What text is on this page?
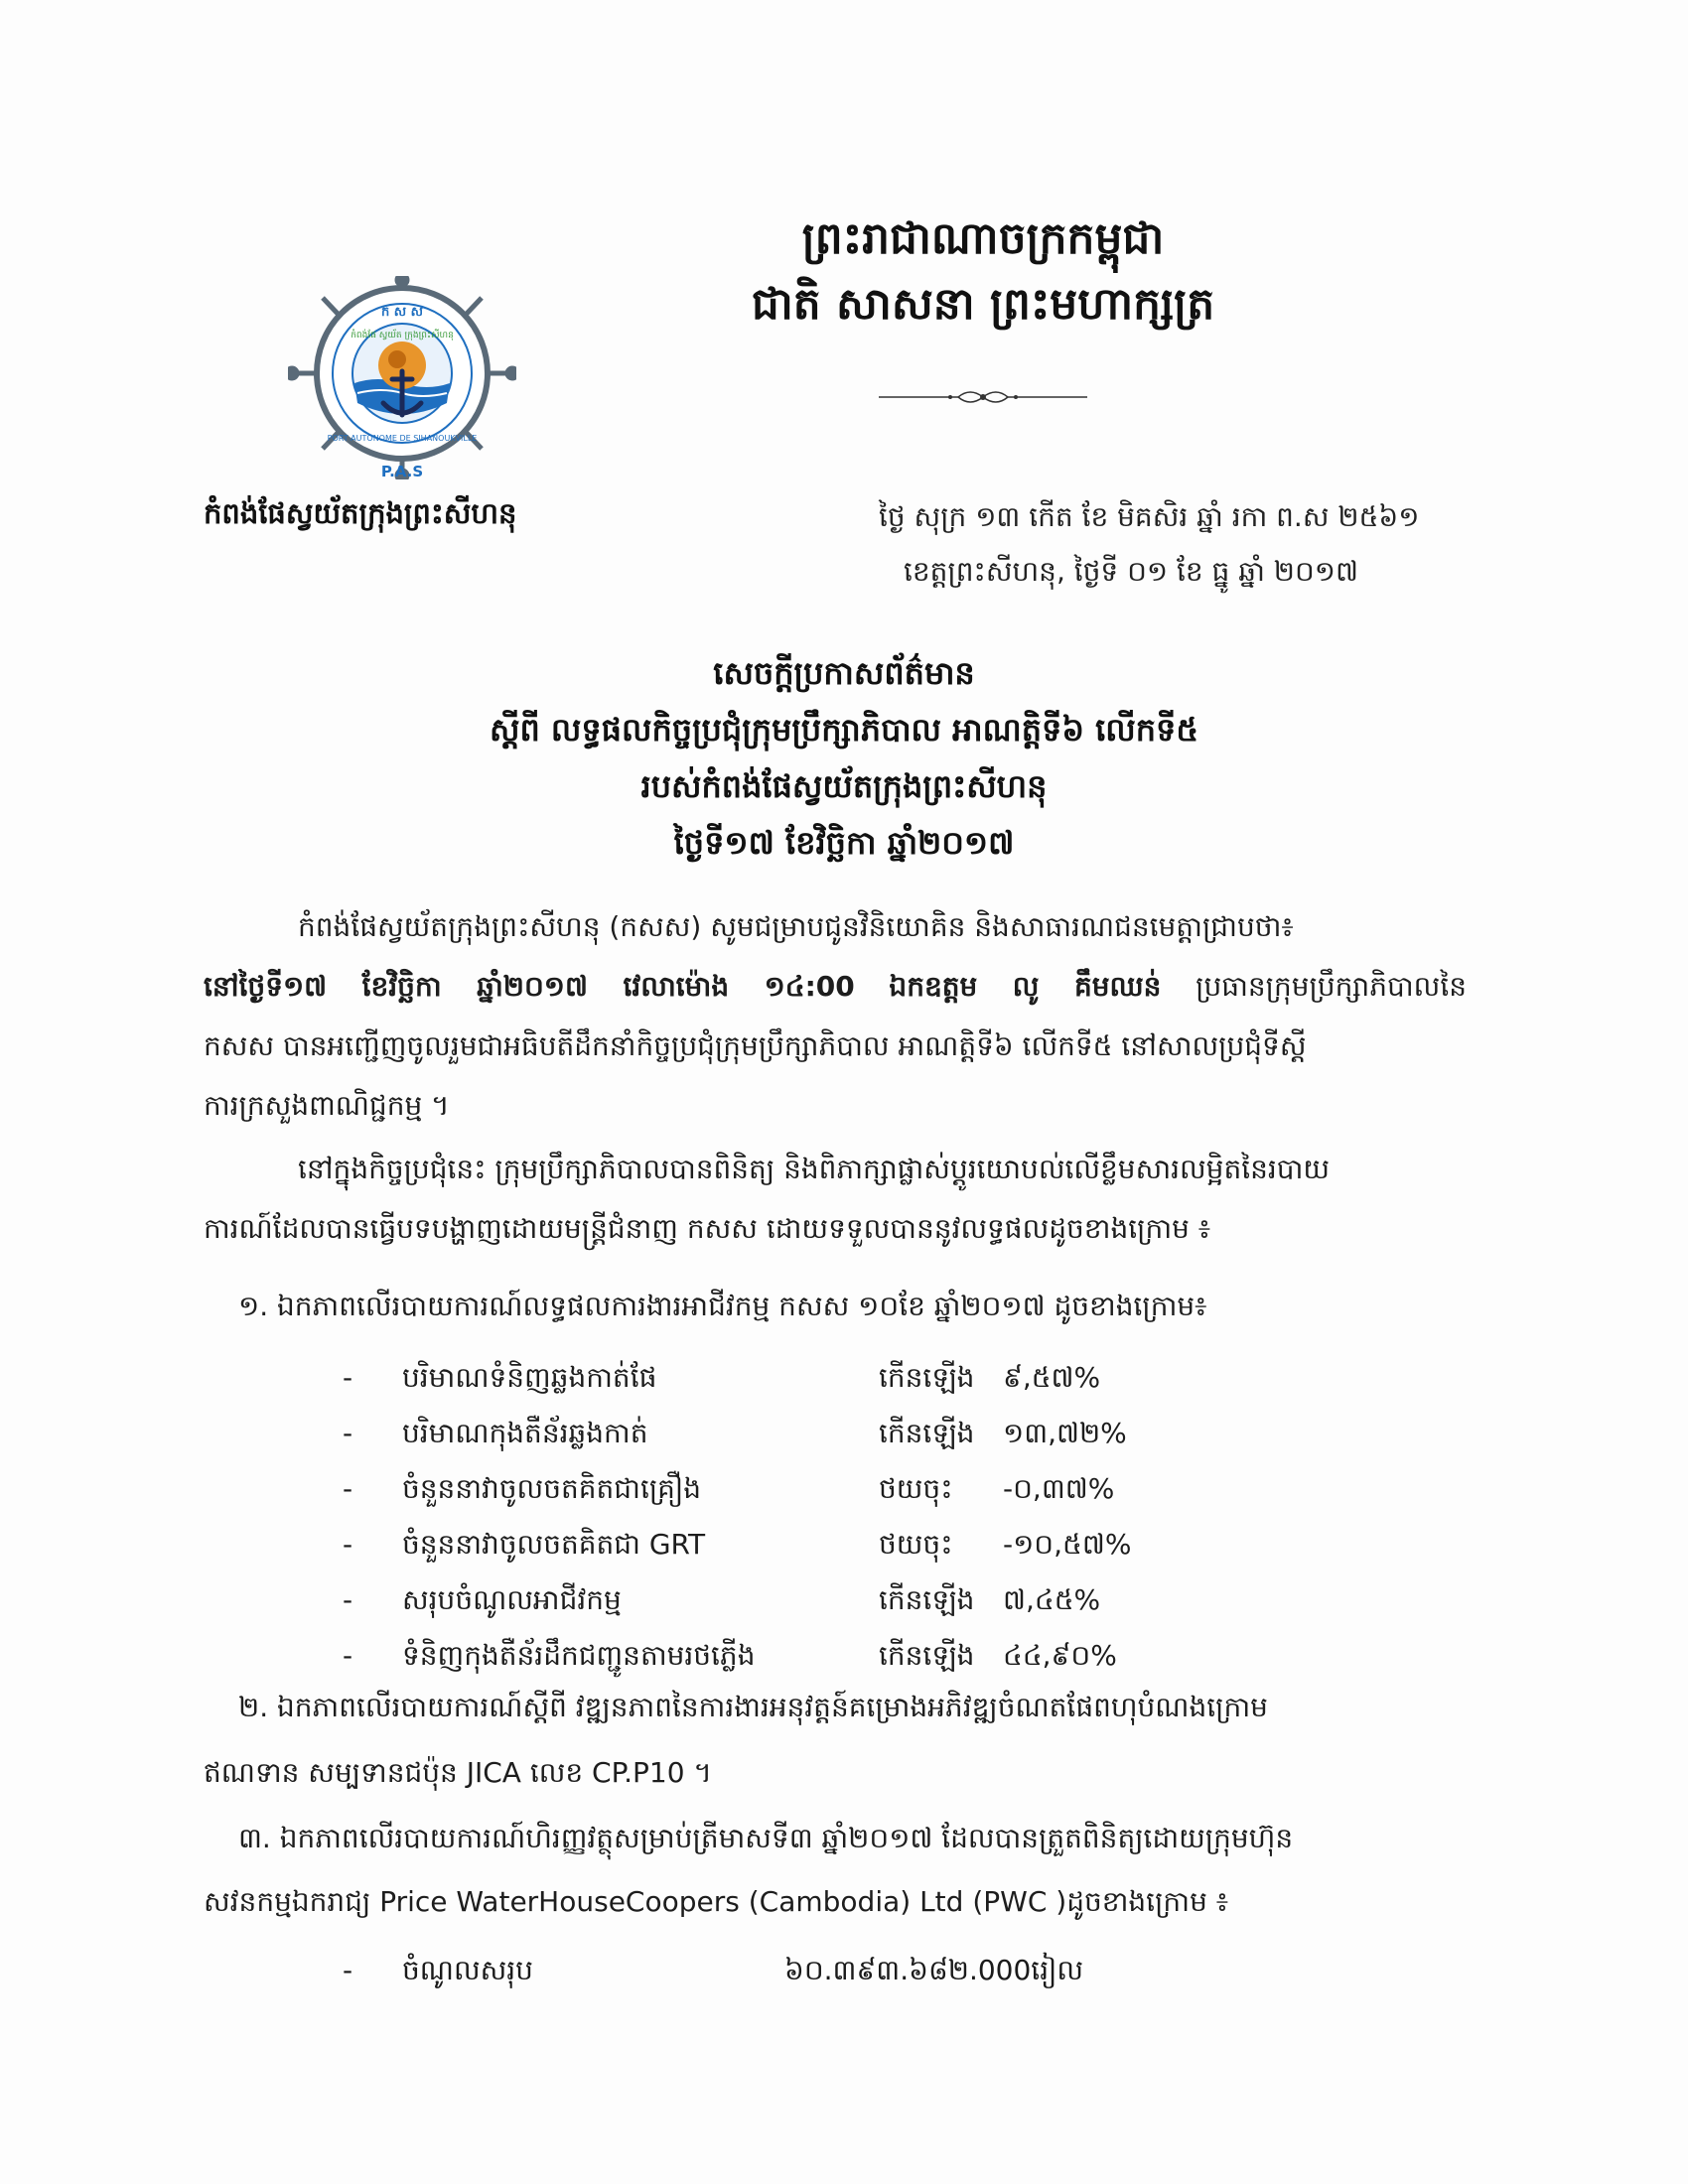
ក ស ស
PORT AUTONOME DE SIHANOUKVILLE
កំពង់ផែ ស្វយ័ត ក្រុងព្រះសីហនុ
P.A.S
ព្រះរាជាណាចក្រកម្ពុជា
ជាតិ សាសនា ព្រះមហាក្សត្រ
កំពង់ផែស្វយ័តក្រុងព្រះសីហនុ	ថ្ងៃ សុក្រ ១៣ កើត ខែ មិគសិរ ឆ្នាំ រកា ព.ស ២៥៦១
ខេត្តព្រះសីហនុ, ថ្ងៃទី ០១ ខែ ធ្នូ ឆ្នាំ ២០១៧
សេចក្ដីប្រកាសព័ត៌មាន
ស្ដីពី លទ្ធផលកិច្ចប្រជុំក្រុមប្រឹក្សាភិបាល អាណត្តិទី៦ លើកទី៥
របស់កំពង់ផែស្វយ័តក្រុងព្រះសីហនុ
ថ្ងៃទី១៧ ខែវិច្ឆិកា ឆ្នាំ២០១៧
កំពង់ផែស្វយ័តក្រុងព្រះសីហនុ (កសស) សូមជម្រាបជូនវិនិយោគិន និងសាធារណជនមេត្តាជ្រាបថា៖
នៅថ្ងៃទី១៧ ខែវិច្ឆិកា ឆ្នាំ២០១៧ វេលាម៉ោង ១៤:00 ឯកឧត្តម លូ គឹមឈន់ ប្រធានក្រុមប្រឹក្សាភិបាលនៃ
កសស បានអញ្ជើញចូលរួមជាអធិបតីដឹកនាំកិច្ចប្រជុំក្រុមប្រឹក្សាភិបាល អាណត្តិទី៦ លើកទី៥ នៅសាលប្រជុំទីស្ដី
ការក្រសួងពាណិជ្ជកម្ម ។
នៅក្នុងកិច្ចប្រជុំនេះ ក្រុមប្រឹក្សាភិបាលបានពិនិត្យ និងពិភាក្សាផ្លាស់ប្ដូរយោបល់លើខ្លឹមសារលម្អិតនៃរបាយ
ការណ៍ដែលបានធ្វើបទបង្ហាញដោយមន្ត្រីជំនាញ កសស ដោយទទួលបាននូវលទ្ធផលដូចខាងក្រោម ៖
១. ឯកភាពលើរបាយការណ៍លទ្ធផលការងារអាជីវកម្ម កសស ១០ខែ ឆ្នាំ២០១៧ ដូចខាងក្រោម៖
- បរិមាណទំនិញឆ្លងកាត់ផែ	កើនឡើង ៩,៥៧%
- បរិមាណកុងតឺន័រឆ្លងកាត់	កើនឡើង ១៣,៧២%
- ចំនួននាវាចូលចតគិតជាគ្រឿង	ថយចុះ -០,៣៧%
- ចំនួននាវាចូលចតគិតជា GRT	ថយចុះ -១០,៥៧%
- សរុបចំណូលអាជីវកម្ម	កើនឡើង ៧,៤៥%
- ទំនិញកុងតឺន័រដឹកជញ្ជូនតាមរថភ្លើង	កើនឡើង ៤៤,៩០%
២. ឯកភាពលើរបាយការណ៍ស្ដីពី វឌ្ឍនភាពនៃការងារអនុវត្តន៍គម្រោងអភិវឌ្ឍចំណតផែពហុបំណងក្រោម
ឥណទាន សម្បទានជប៉ុន JICA លេខ CP.P10 ។
៣. ឯកភាពលើរបាយការណ៍ហិរញ្ញវត្ថុសម្រាប់ត្រីមាសទី៣ ឆ្នាំ២០១៧ ដែលបានត្រួតពិនិត្យដោយក្រុមហ៊ុន
សវនកម្មឯករាជ្យ Price WaterHouseCoopers (Cambodia) Ltd (PWC )ដូចខាងក្រោម ៖
- ចំណូលសរុប	៦០.៣៩៣.៦៨២.000រៀល
